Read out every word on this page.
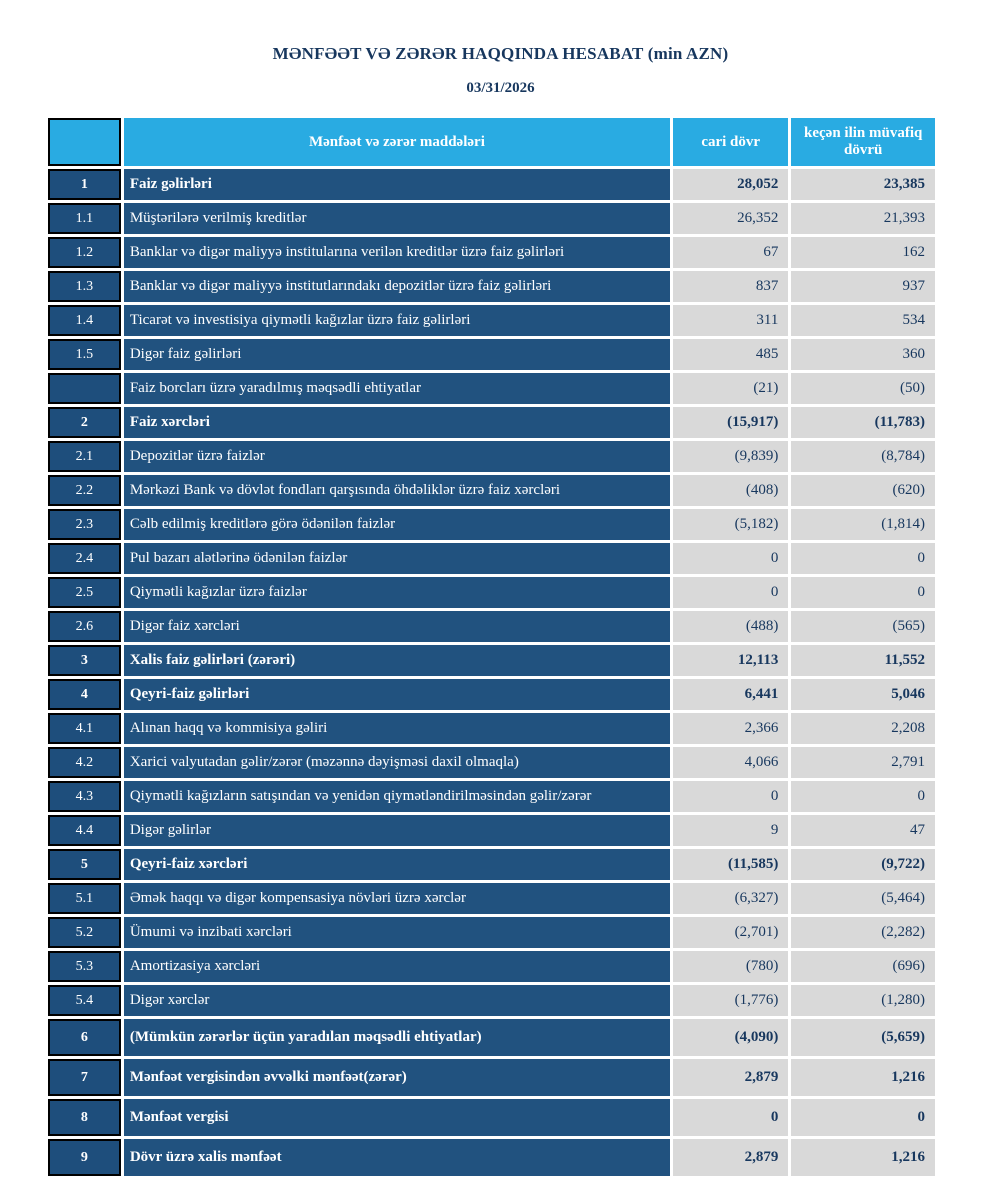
MƏNFƏƏT VƏ ZƏRƏR HAQQINDA HESABAT (min AZN)
03/31/2026
	Mənfəət və zərər maddələri	cari dövr	keçən ilin müvafiq dövrü
1	Faiz gəlirləri	28,052	23,385
1.1	Müştərilərə verilmiş kreditlər	26,352	21,393
1.2	Banklar və digər maliyyə institularına verilən kreditlər üzrə faiz gəlirləri	67	162
1.3	Banklar və digər maliyyə institutlarındakı depozitlər üzrə faiz gəlirləri	837	937
1.4	Ticarət və investisiya qiymətli kağızlar üzrə faiz gəlirləri	311	534
1.5	Digər faiz gəlirləri	485	360
	Faiz borcları üzrə yaradılmış məqsədli ehtiyatlar	(21)	(50)
2	Faiz xərcləri	(15,917)	(11,783)
2.1	Depozitlər üzrə faizlər	(9,839)	(8,784)
2.2	Mərkəzi Bank və dövlət fondları qarşısında öhdəliklər üzrə faiz xərcləri	(408)	(620)
2.3	Cəlb edilmiş kreditlərə görə ödənilən faizlər	(5,182)	(1,814)
2.4	Pul bazarı alətlərinə ödənilən faizlər	0	0
2.5	Qiymətli kağızlar üzrə faizlər	0	0
2.6	Digər faiz xərcləri	(488)	(565)
3	Xalis faiz gəlirləri (zərəri)	12,113	11,552
4	Qeyri-faiz gəlirləri	6,441	5,046
4.1	Alınan haqq və kommisiya gəliri	2,366	2,208
4.2	Xarici valyutadan gəlir/zərər (məzənnə dəyişməsi daxil olmaqla)	4,066	2,791
4.3	Qiymətli kağızların satışından və yenidən qiymətləndirilməsindən gəlir/zərər	0	0
4.4	Digər gəlirlər	9	47
5	Qeyri-faiz xərcləri	(11,585)	(9,722)
5.1	Əmək haqqı və digər kompensasiya növləri üzrə xərclər	(6,327)	(5,464)
5.2	Ümumi və inzibati xərcləri	(2,701)	(2,282)
5.3	Amortizasiya xərcləri	(780)	(696)
5.4	Digər xərclər	(1,776)	(1,280)
6	(Mümkün zərərlər üçün yaradılan məqsədli ehtiyatlar)	(4,090)	(5,659)
7	Mənfəət vergisindən əvvəlki mənfəət(zərər)	2,879	1,216
8	Mənfəət vergisi	0	0
9	Dövr üzrə xalis mənfəət	2,879	1,216
